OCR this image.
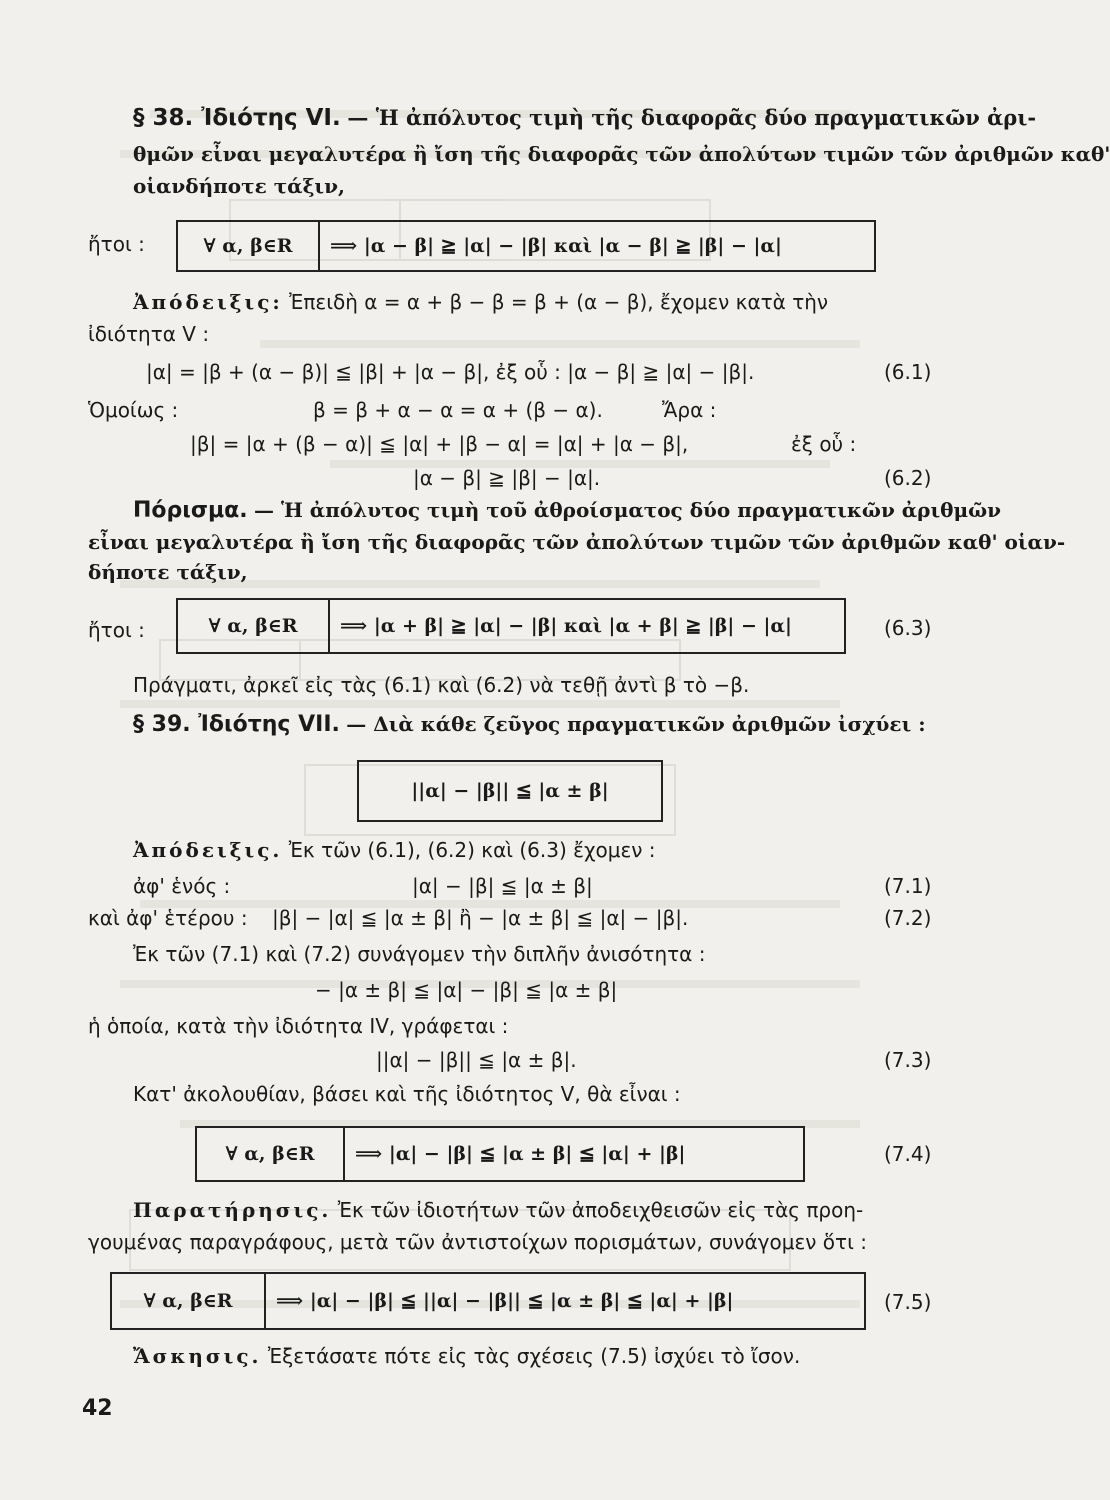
§ 38. Ἰδιότης VI. — Ἡ ἀπόλυτος τιμὴ τῆς διαφορᾶς δύο πραγματικῶν ἀρι-
θμῶν εἶναι μεγαλυτέρα ἢ ἴση τῆς διαφορᾶς τῶν ἀπολύτων τιμῶν τῶν ἀριθμῶν καθ'
οἱανδήποτε τάξιν,
ἤτοι :	∀ α, β∈R	⟹ |α − β| ≧ |α| − |β| καὶ |α − β| ≧ |β| − |α|
Ἀπόδειξις: Ἐπειδὴ α = α + β − β = β + (α − β), ἔχομεν κατὰ τὴν
ἰδιότητα V :
|α| = |β + (α − β)| ≦ |β| + |α − β|, ἐξ οὗ : |α − β| ≧ |α| − |β|.	(6.1)
Ὁμοίως :	β = β + α − α = α + (β − α).	Ἄρα :
|β| = |α + (β − α)| ≦ |α| + |β − α| = |α| + |α − β|,	ἐξ οὗ :
|α − β| ≧ |β| − |α|.	(6.2)
Πόρισμα. — Ἡ ἀπόλυτος τιμὴ τοῦ ἀθροίσματος δύο πραγματικῶν ἀριθμῶν
εἶναι μεγαλυτέρα ἢ ἴση τῆς διαφορᾶς τῶν ἀπολύτων τιμῶν τῶν ἀριθμῶν καθ' οἱαν-
δήποτε τάξιν,
ἤτοι :	∀ α, β∈R	⟹ |α + β| ≧ |α| − |β| καὶ |α + β| ≧ |β| − |α|	(6.3)
Πράγματι, ἀρκεῖ εἰς τὰς (6.1) καὶ (6.2) νὰ τεθῇ ἀντὶ β τὸ −β.
§ 39. Ἰδιότης VII. — Διὰ κάθε ζεῦγος πραγματικῶν ἀριθμῶν ἰσχύει :
||α| − |β|| ≦ |α ± β|
Ἀπόδειξις. Ἐκ τῶν (6.1), (6.2) καὶ (6.3) ἔχομεν :
ἀφ' ἑνός :	|α| − |β| ≦ |α ± β|	(7.1)
καὶ ἀφ' ἑτέρου : |β| − |α| ≦ |α ± β| ἢ − |α ± β| ≦ |α| − |β|.	(7.2)
Ἐκ τῶν (7.1) καὶ (7.2) συνάγομεν τὴν διπλῆν ἀνισότητα :
− |α ± β| ≦ |α| − |β| ≦ |α ± β|
ἡ ὁποία, κατὰ τὴν ἰδιότητα IV, γράφεται :
||α| − |β|| ≦ |α ± β|.	(7.3)
Κατ' ἀκολουθίαν, βάσει καὶ τῆς ἰδιότητος V, θὰ εἶναι :
∀ α, β∈R	⟹ |α| − |β| ≦ |α ± β| ≦ |α| + |β|	(7.4)
Παρατήρησις. Ἐκ τῶν ἰδιοτήτων τῶν ἀποδειχθεισῶν εἰς τὰς προη-
γουμένας παραγράφους, μετὰ τῶν ἀντιστοίχων πορισμάτων, συνάγομεν ὅτι :
∀ α, β∈R	⟹ |α| − |β| ≦ ||α| − |β|| ≦ |α ± β| ≦ |α| + |β|	(7.5)
Ἄσκησις. Ἐξετάσατε πότε εἰς τὰς σχέσεις (7.5) ἰσχύει τὸ ἴσον.
42
